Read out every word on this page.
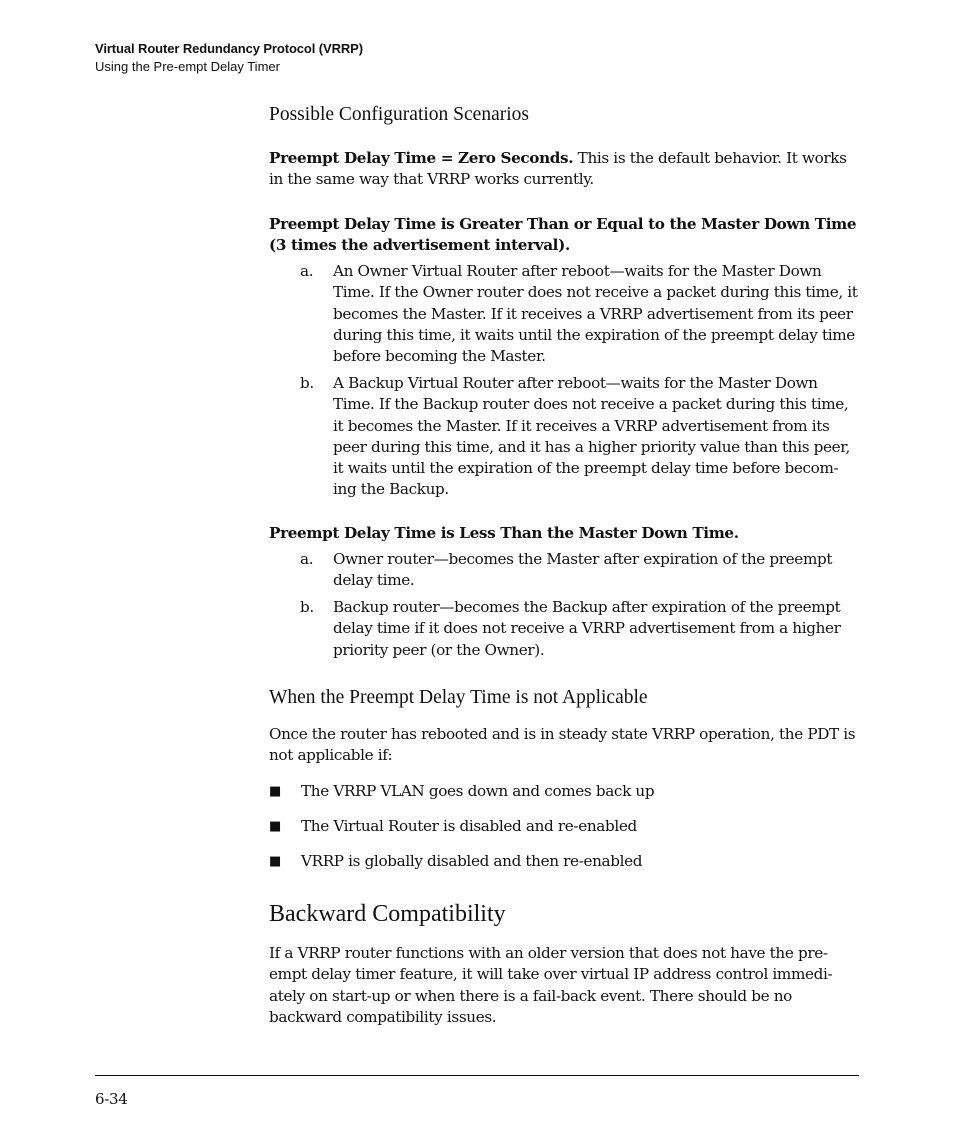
Virtual Router Redundancy Protocol (VRRP)
Using the Pre-empt Delay Timer
Possible Configuration Scenarios
Preempt Delay Time = Zero Seconds. This is the default behavior. It works in the same way that VRRP works currently.
Preempt Delay Time is Greater Than or Equal to the Master Down Time (3 times the advertisement interval).
a. An Owner Virtual Router after reboot—waits for the Master Down Time. If the Owner router does not receive a packet during this time, it becomes the Master. If it receives a VRRP advertisement from its peer during this time, it waits until the expiration of the preempt delay time before becoming the Master.
b. A Backup Virtual Router after reboot—waits for the Master Down Time. If the Backup router does not receive a packet during this time, it becomes the Master. If it receives a VRRP advertisement from its peer during this time, and it has a higher priority value than this peer, it waits until the expiration of the preempt delay time before becom-ing the Backup.
Preempt Delay Time is Less Than the Master Down Time.
a. Owner router—becomes the Master after expiration of the preempt delay time.
b. Backup router—becomes the Backup after expiration of the preempt delay time if it does not receive a VRRP advertisement from a higher priority peer (or the Owner).
When the Preempt Delay Time is not Applicable
Once the router has rebooted and is in steady state VRRP operation, the PDT is not applicable if:
■ The VRRP VLAN goes down and comes back up
■ The Virtual Router is disabled and re-enabled
■ VRRP is globally disabled and then re-enabled
Backward Compatibility
If a VRRP router functions with an older version that does not have the pre-empt delay timer feature, it will take over virtual IP address control immedi-ately on start-up or when there is a fail-back event. There should be no backward compatibility issues.
6-34
